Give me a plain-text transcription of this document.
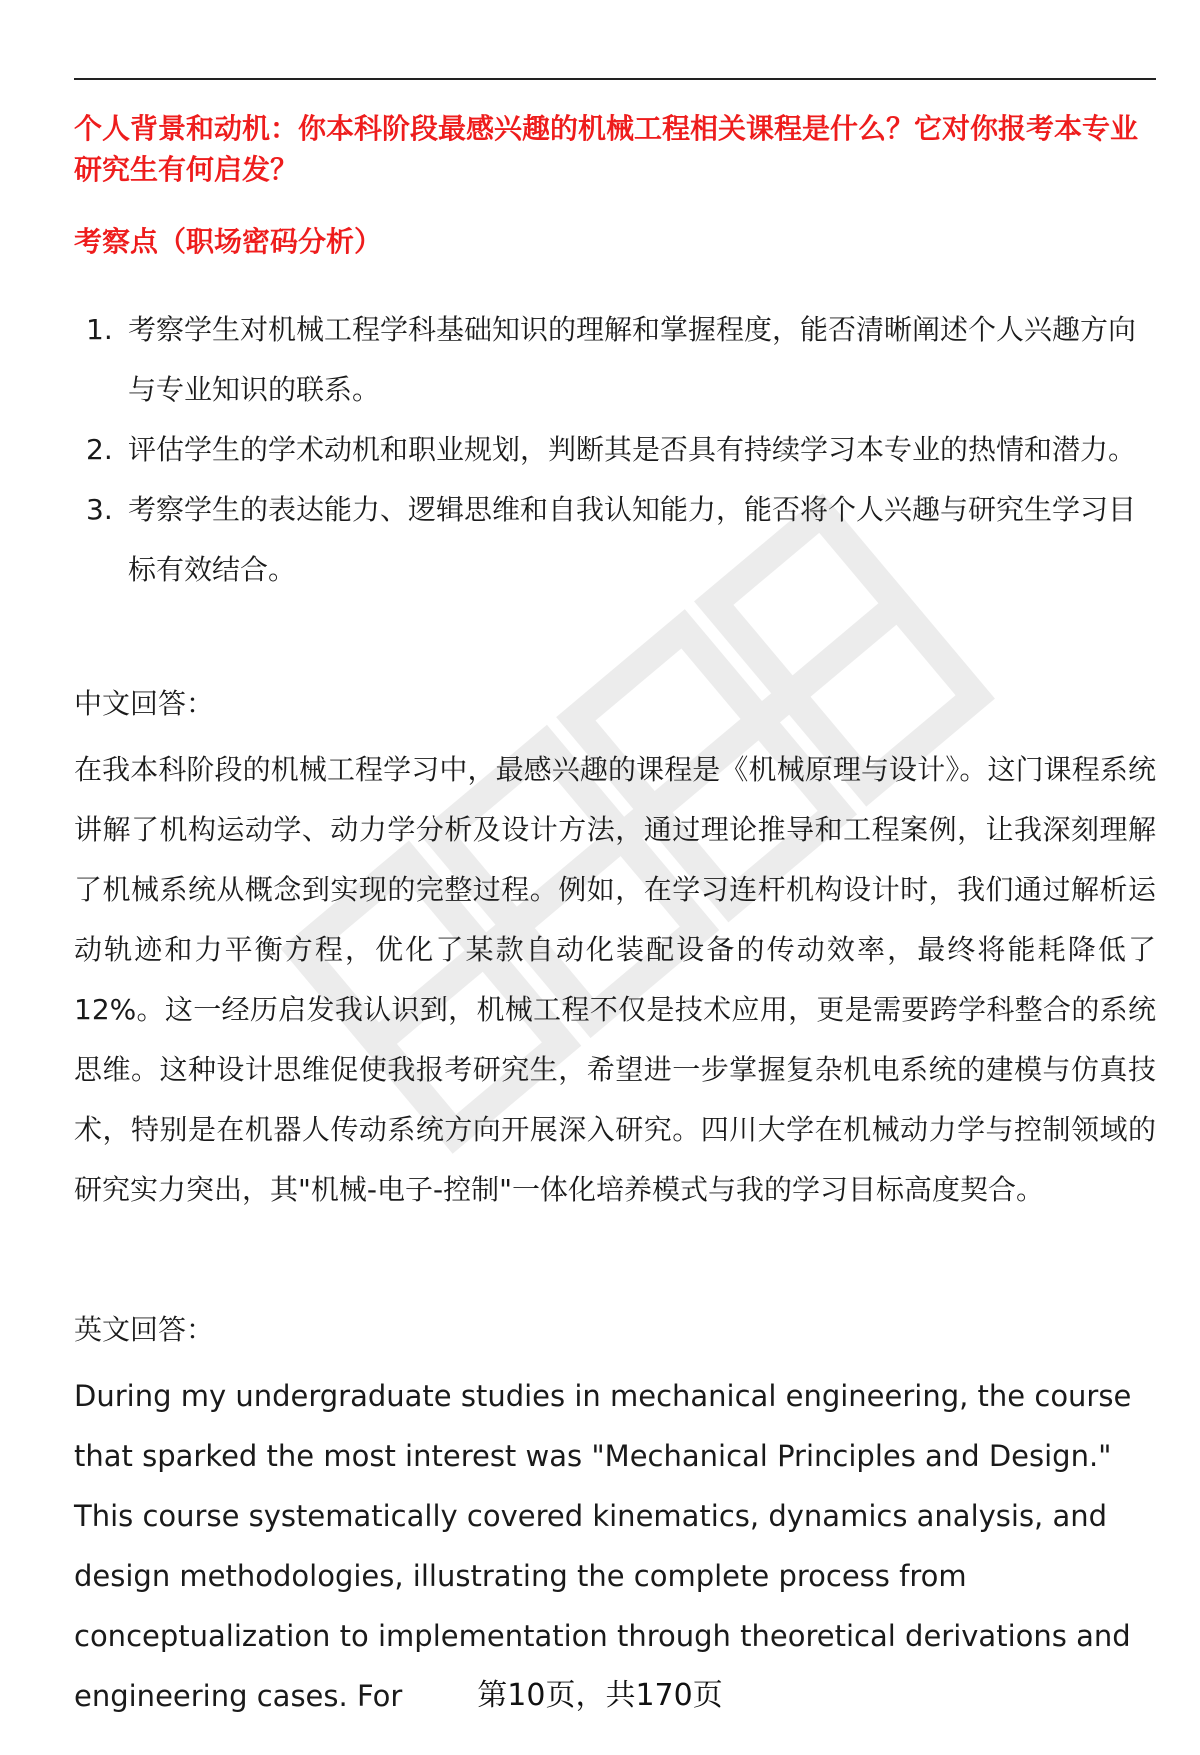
个人背景和动机：你本科阶段最感兴趣的机械工程相关课程是什么？它对你报考本专业研究生有何启发？

考察点（职场密码分析）

1. 考察学生对机械工程学科基础知识的理解和掌握程度，能否清晰阐述个人兴趣方向与专业知识的联系。
2. 评估学生的学术动机和职业规划，判断其是否具有持续学习本专业的热情和潜力。
3. 考察学生的表达能力、逻辑思维和自我认知能力，能否将个人兴趣与研究生学习目标有效结合。

中文回答：

在我本科阶段的机械工程学习中，最感兴趣的课程是《机械原理与设计》。这门课程系统讲解了机构运动学、动力学分析及设计方法，通过理论推导和工程案例，让我深刻理解了机械系统从概念到实现的完整过程。例如，在学习连杆机构设计时，我们通过解析运动轨迹和力平衡方程，优化了某款自动化装配设备的传动效率，最终将能耗降低了12%。这一经历启发我认识到，机械工程不仅是技术应用，更是需要跨学科整合的系统思维。这种设计思维促使我报考研究生，希望进一步掌握复杂机电系统的建模与仿真技术，特别是在机器人传动系统方向开展深入研究。四川大学在机械动力学与控制领域的研究实力突出，其"机械-电子-控制"一体化培养模式与我的学习目标高度契合。

英文回答：

During my undergraduate studies in mechanical engineering, the course that sparked the most interest was "Mechanical Principles and Design." This course systematically covered kinematics, dynamics analysis, and design methodologies, illustrating the complete process from conceptualization to implementation through theoretical derivations and engineering cases. For	第10页，共170页
